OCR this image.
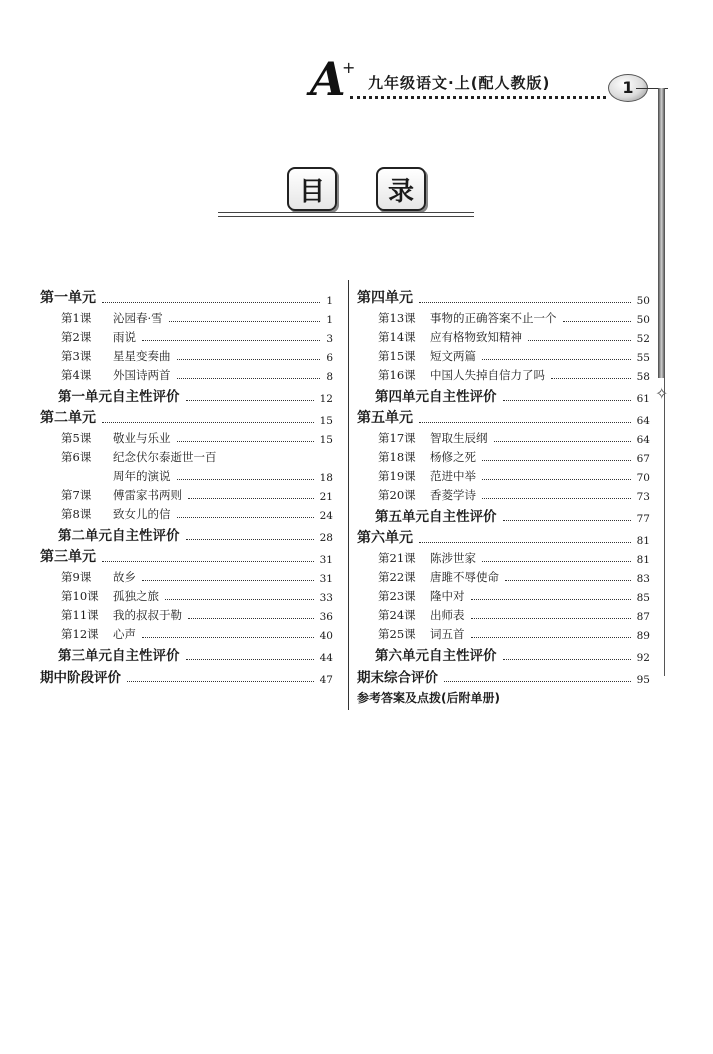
A
+
九年级语文·上(配人教版)	1
✧
目	录
第一单元	1
第1课	沁园春·雪	1
第2课	雨说	3
第3课	星星变奏曲	6
第4课	外国诗两首	8
第一单元自主性评价	12
第二单元	15
第5课	敬业与乐业	15
第6课	纪念伏尔泰逝世一百
周年的演说	18
第7课	傅雷家书两则	21
第8课	致女儿的信	24
第二单元自主性评价	28
第三单元	31
第9课	故乡	31
第10课	孤独之旅	33
第11课	我的叔叔于勒	36
第12课	心声	40
第三单元自主性评价	44
期中阶段评价	47
第四单元	50
第13课	事物的正确答案不止一个	50
第14课	应有格物致知精神	52
第15课	短文两篇	55
第16课	中国人失掉自信力了吗	58
第四单元自主性评价	61
第五单元	64
第17课	智取生辰纲	64
第18课	杨修之死	67
第19课	范进中举	70
第20课	香菱学诗	73
第五单元自主性评价	77
第六单元	81
第21课	陈涉世家	81
第22课	唐雎不辱使命	83
第23课	隆中对	85
第24课	出师表	87
第25课	词五首	89
第六单元自主性评价	92
期末综合评价	95
参考答案及点拨(后附单册)
